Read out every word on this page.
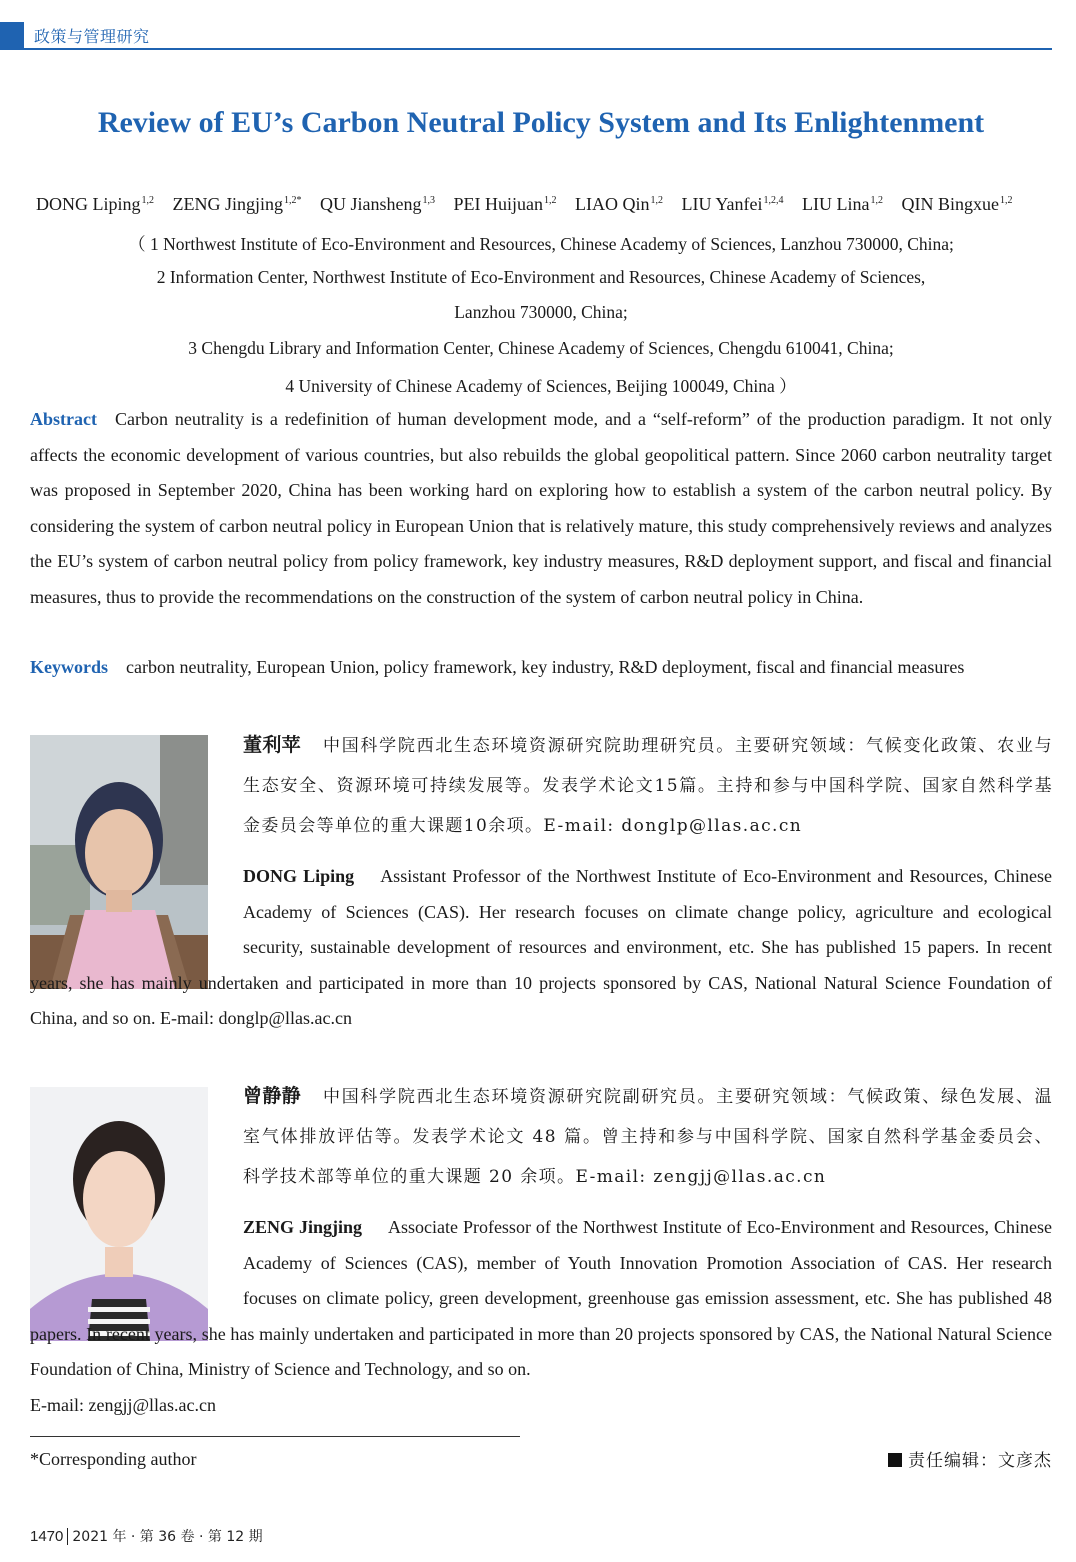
政策与管理研究
Review of EU’s Carbon Neutral Policy System and Its Enlightenment
DONG Liping$^{1,2}$ ZENG Jingjing$^{1,2*}$ QU Jiansheng$^{1,3}$ PEI Huijuan$^{1,2}$ LIAO Qin$^{1,2}$ LIU Yanfei$^{1,2,4}$ LIU Lina$^{1,2}$ QIN Bingxue$^{1,2}$
（ 1 Northwest Institute of Eco-Environment and Resources, Chinese Academy of Sciences, Lanzhou 730000, China;
2 Information Center, Northwest Institute of Eco-Environment and Resources, Chinese Academy of Sciences,
Lanzhou 730000, China;
3 Chengdu Library and Information Center, Chinese Academy of Sciences, Chengdu 610041, China;
4 University of Chinese Academy of Sciences, Beijing 100049, China ）
Abstract Carbon neutrality is a redefinition of human development mode, and a “self-reform” of the production paradigm. It not only affects the economic development of various countries, but also rebuilds the global geopolitical pattern. Since 2060 carbon neutrality target was proposed in September 2020, China has been working hard on exploring how to establish a system of the carbon neutral policy. By considering the system of carbon neutral policy in European Union that is relatively mature, this study comprehensively reviews and analyzes the EU’s system of carbon neutral policy from policy framework, key industry measures, R&D deployment support, and fiscal and financial measures, thus to provide the recommendations on the construction of the system of carbon neutral policy in China.
Keywords carbon neutrality, European Union, policy framework, key industry, R&D deployment, fiscal and financial measures
董利苹 中国科学院西北生态环境资源研究院助理研究员。主要研究领域：气候变化政策、农业与生态安全、资源环境可持续发展等。发表学术论文15篇。主持和参与中国科学院、国家自然科学基金委员会等单位的重大课题10余项。E-mail: donglp@llas.ac.cn
DONG Liping Assistant Professor of the Northwest Institute of Eco-Environment and Resources, Chinese Academy of Sciences (CAS). Her research focuses on climate change policy, agriculture and ecological security, sustainable development of resources and environment, etc. She has published 15 papers. In recent years, she has mainly undertaken and participated in more than 10 projects sponsored by CAS, National Natural Science Foundation of China, and so on. E-mail: donglp@llas.ac.cn
曾静静 中国科学院西北生态环境资源研究院副研究员。主要研究领域：气候政策、绿色发展、温室气体排放评估等。发表学术论文 48 篇。曾主持和参与中国科学院、国家自然科学基金委员会、科学技术部等单位的重大课题 20 余项。E-mail: zengjj@llas.ac.cn
ZENG Jingjing Associate Professor of the Northwest Institute of Eco-Environment and Resources, Chinese Academy of Sciences (CAS), member of Youth Innovation Promotion Association of CAS. Her research focuses on climate policy, green development, greenhouse gas emission assessment, etc. She has published 48 papers. In recent years, she has mainly undertaken and participated in more than 20 projects sponsored by CAS, the National Natural Science Foundation of China, Ministry of Science and Technology, and so on.
E-mail: zengjj@llas.ac.cn
*Corresponding author	责任编辑：文彦杰
1470 2021 年 · 第 36 卷 · 第 12 期
